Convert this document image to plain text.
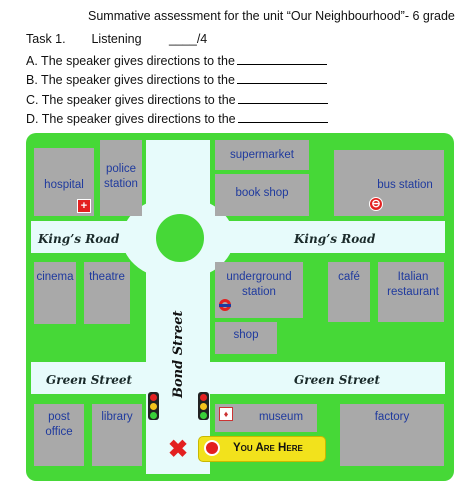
Summative assessment for the unit “Our Neighbourhood”- 6 grade
Task 1. Listening ____/4
A. The speaker gives directions to the
B. The speaker gives directions to the
C. The speaker gives directions to the
D. The speaker gives directions to the
King’s Road	King’s Road
Green Street	Green Street
Bond Street
hospital
+
police station
supermarket
book shop
bus station
⊖
cinema	theatre	underground station
shop
café	Italian restaurant
post office
library	museum
♦	factory
✖	You Are Here
